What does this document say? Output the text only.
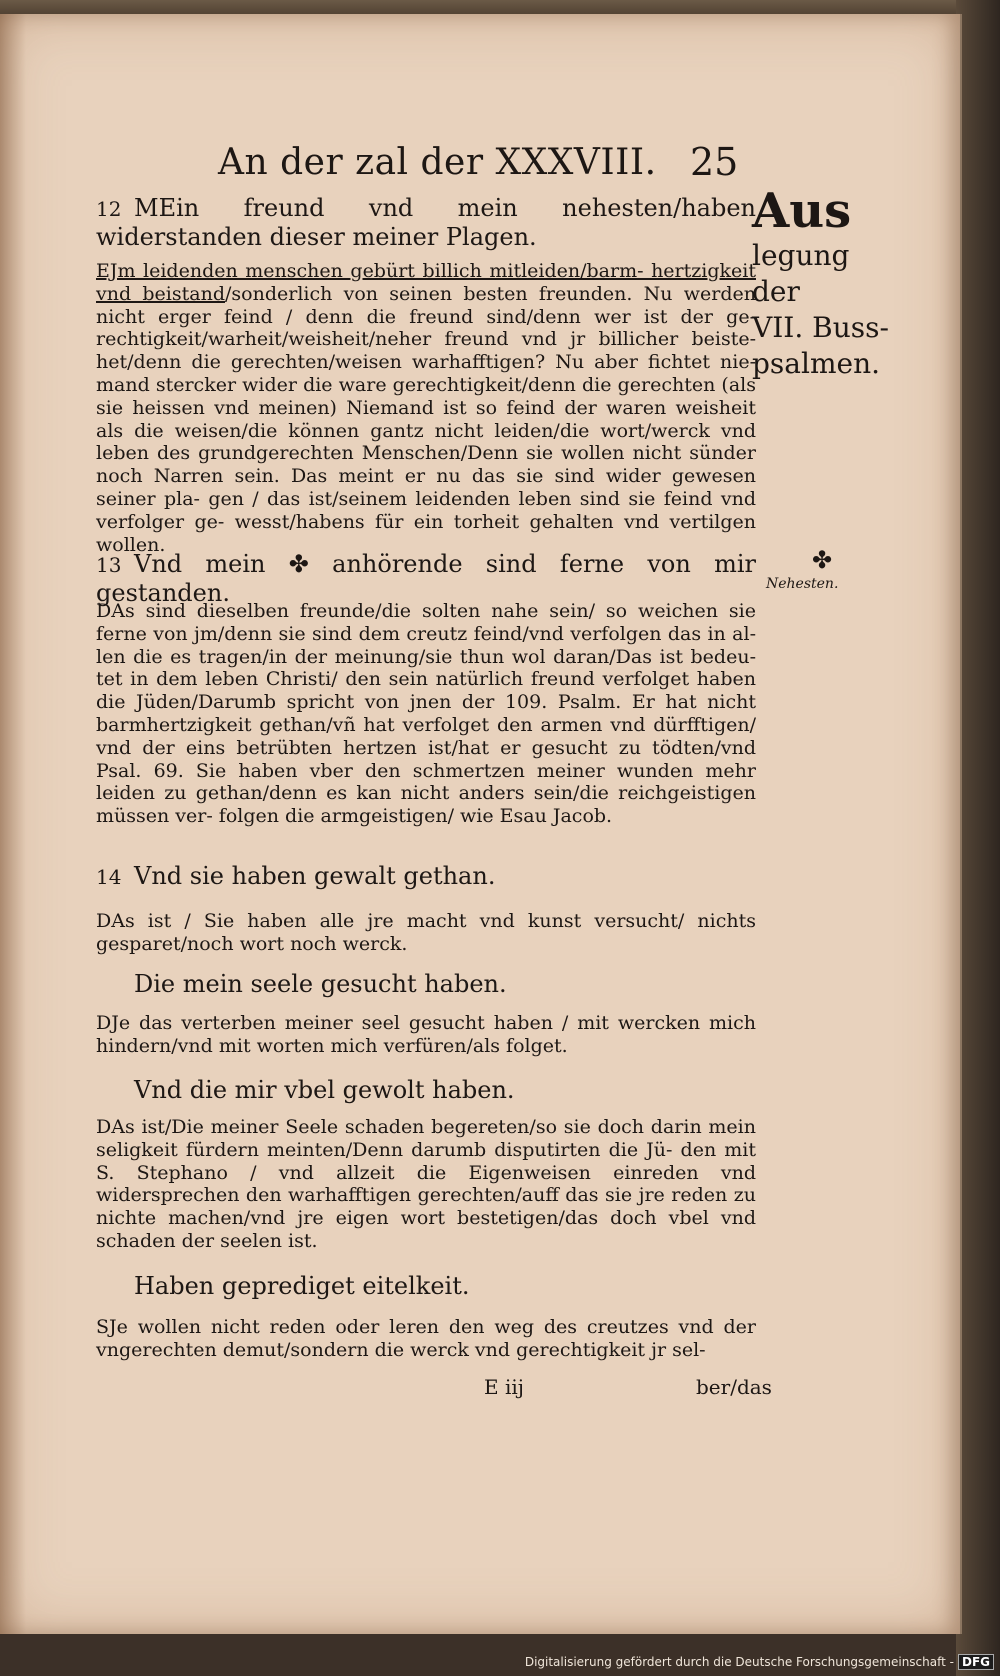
An der zal der XXXVIII. 25
Aus
legung der
VII. Buss-
psalmen.
12 MEin freund vnd mein nehesten/haben widerstanden dieser meiner Plagen.
EJm leidenden menschen gebürt billich mitleiden/barm- hertzigkeit vnd beistand/sonderlich von seinen besten freunden. Nu werden nicht erger feind / denn die freund sind/denn wer ist der ge- rechtigkeit/warheit/weisheit/neher freund vnd jr billicher beiste- het/denn die gerechten/weisen warhafftigen? Nu aber fichtet nie- mand stercker wider die ware gerechtigkeit/denn die gerechten (als sie heissen vnd meinen) Niemand ist so feind der waren weisheit als die weisen/die können gantz nicht leiden/die wort/werck vnd leben des grundgerechten Menschen/Denn sie wollen nicht sünder noch Narren sein. Das meint er nu das sie sind wider gewesen seiner pla- gen / das ist/seinem leidenden leben sind sie feind vnd verfolger ge- wesst/habens für ein torheit gehalten vnd vertilgen wollen.
13 Vnd mein ✤ anhörende sind ferne von mir gestanden.
DAs sind dieselben freunde/die solten nahe sein/ so weichen sie ferne von jm/denn sie sind dem creutz feind/vnd verfolgen das in al- len die es tragen/in der meinung/sie thun wol daran/Das ist bedeu- tet in dem leben Christi/ den sein natürlich freund verfolget haben die Jüden/Darumb spricht von jnen der 109. Psalm. Er hat nicht barmhertzigkeit gethan/vñ hat verfolget den armen vnd dürfftigen/ vnd der eins betrübten hertzen ist/hat er gesucht zu tödten/vnd Psal. 69. Sie haben vber den schmertzen meiner wunden mehr leiden zu gethan/denn es kan nicht anders sein/die reichgeistigen müssen ver- folgen die armgeistigen/ wie Esau Jacob.
✤
Nehesten.
14 Vnd sie haben gewalt gethan.
DAs ist / Sie haben alle jre macht vnd kunst versucht/ nichts gesparet/noch wort noch werck.
Die mein seele gesucht haben.
DJe das verterben meiner seel gesucht haben / mit wercken mich hindern/vnd mit worten mich verfüren/als folget.
Vnd die mir vbel gewolt haben.
DAs ist/Die meiner Seele schaden begereten/so sie doch darin mein seligkeit fürdern meinten/Denn darumb disputirten die Jü- den mit S. Stephano / vnd allzeit die Eigenweisen einreden vnd widersprechen den warhafftigen gerechten/auff das sie jre reden zu nichte machen/vnd jre eigen wort bestetigen/das doch vbel vnd schaden der seelen ist.
Haben geprediget eitelkeit.
SJe wollen nicht reden oder leren den weg des creutzes vnd der vngerechten demut/sondern die werck vnd gerechtigkeit jr sel-
E iij	ber/das
Digitalisierung gefördert durch die Deutsche Forschungsgemeinschaft - DFG
